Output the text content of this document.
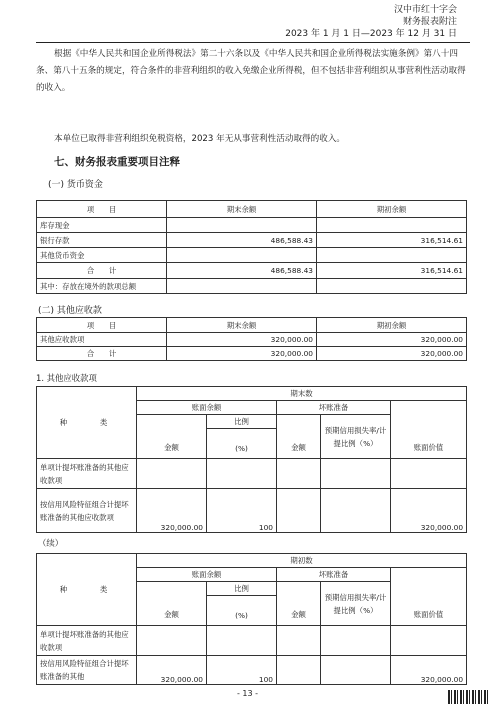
汉中市红十字会
财务报表附注
2023 年 1 月 1 日—2023 年 12 月 31 日
根据《中华人民共和国企业所得税法》第二十六条以及《中华人民共和国企业所得税法实施条例》第八十四条、第八十五条的规定，符合条件的非营利组织的收入免缴企业所得税，但不包括非营利组织从事营利性活动取得的收入。
本单位已取得非营利组织免税资格，2023 年无从事营利性活动取得的收入。
七、财务报表重要项目注释
(一) 货币资金
项　　目	期末余额	期初余额
库存现金		
银行存款	486,588.43	316,514.61
其他货币资金		
合　　计	486,588.43	316,514.61
其中：存放在境外的款项总额		
(二) 其他应收款
项　　目	期末余额	期初余额
其他应收款项	320,000.00	320,000.00
合　　计	320,000.00	320,000.00
1. 其他应收款项
种　　类	期末数				
	账面余额		坏账准备		账面价值
	金额	比例	金额	预期信用损失率/计提比例（%）	
		(%)			
单项计提坏账准备的其他应收款项					
按信用风险特征组合计提坏账准备的其他应收款项	320,000.00	100			320,000.00
（续）
种　　类	期初数				
	账面余额		坏账准备		账面价值
	金额	比例	金额	预期信用损失率/计提比例（%）	
		(%)			
单项计提坏账准备的其他应收款项					
按信用风险特征组合计提坏账准备的其他	320,000.00	100			320,000.00
- 13 -
